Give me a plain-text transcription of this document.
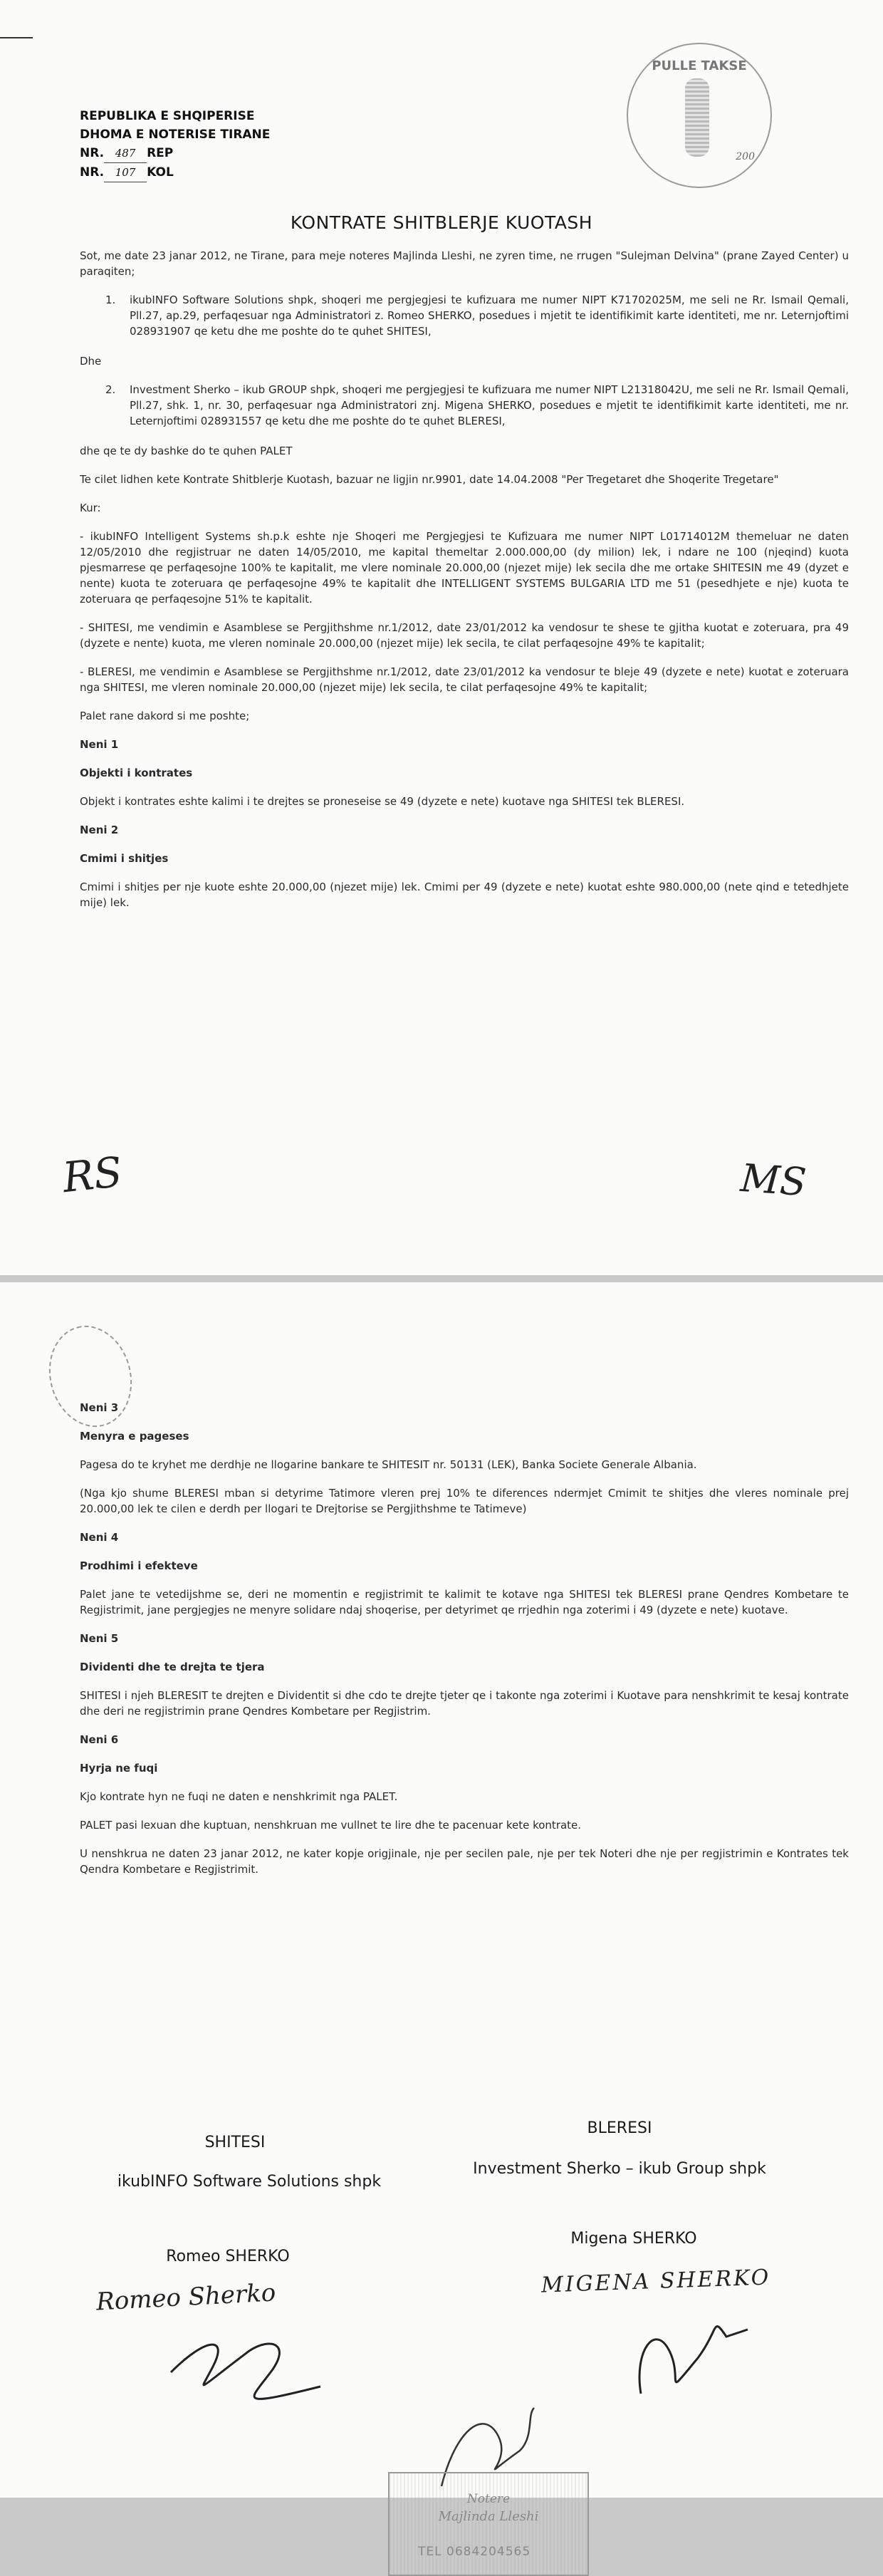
PULLE TAKSE
200
REPUBLIKA E SHQIPERISE
DHOMA E NOTERISE TIRANE
NR. 487 REP
NR. 107 KOL
KONTRATE SHITBLERJE KUOTASH

Sot, me date 23 janar 2012, ne Tirane, para meje noteres Majlinda Lleshi, ne zyren time, ne rrugen "Sulejman Delvina" (prane Zayed Center) u paraqiten;

1.	ikubINFO Software Solutions shpk, shoqeri me pergjegjesi te kufizuara me numer NIPT K71702025M, me seli ne Rr. Ismail Qemali, Pll.27, ap.29, perfaqesuar nga Administratori z. Romeo SHERKO, posedues i mjetit te identifikimit karte identiteti, me nr. Leternjoftimi 028931907 qe ketu dhe me poshte do te quhet SHITESI,

Dhe

2.	Investment Sherko – ikub GROUP shpk, shoqeri me pergjegjesi te kufizuara me numer NIPT L21318042U, me seli ne Rr. Ismail Qemali, Pll.27, shk. 1, nr. 30, perfaqesuar nga Administratori znj. Migena SHERKO, posedues e mjetit te identifikimit karte identiteti, me nr. Leternjoftimi 028931557 qe ketu dhe me poshte do te quhet BLERESI,

dhe qe te dy bashke do te quhen PALET

Te cilet lidhen kete Kontrate Shitblerje Kuotash, bazuar ne ligjin nr.9901, date 14.04.2008 "Per Tregetaret dhe Shoqerite Tregetare"

Kur:

- ikubINFO Intelligent Systems sh.p.k eshte nje Shoqeri me Pergjegjesi te Kufizuara me numer NIPT L01714012M themeluar ne daten 12/05/2010 dhe regjistruar ne daten 14/05/2010, me kapital themeltar 2.000.000,00 (dy milion) lek, i ndare ne 100 (njeqind) kuota pjesmarrese qe perfaqesojne 100% te kapitalit, me vlere nominale 20.000,00 (njezet mije) lek secila dhe me ortake SHITESIN me 49 (dyzet e nente) kuota te zoteruara qe perfaqesojne 49% te kapitalit dhe INTELLIGENT SYSTEMS BULGARIA LTD me 51 (pesedhjete e nje) kuota te zoteruara qe perfaqesojne 51% te kapitalit.

- SHITESI, me vendimin e Asamblese se Pergjithshme nr.1/2012, date 23/01/2012 ka vendosur te shese te gjitha kuotat e zoteruara, pra 49 (dyzete e nente) kuota, me vleren nominale 20.000,00 (njezet mije) lek secila, te cilat perfaqesojne 49% te kapitalit;

- BLERESI, me vendimin e Asamblese se Pergjithshme nr.1/2012, date 23/01/2012 ka vendosur te bleje 49 (dyzete e nete) kuotat e zoteruara nga SHITESI, me vleren nominale 20.000,00 (njezet mije) lek secila, te cilat perfaqesojne 49% te kapitalit;

Palet rane dakord si me poshte;

Neni 1

Objekti i kontrates

Objekt i kontrates eshte kalimi i te drejtes se proneseise se 49 (dyzete e nete) kuotave nga SHITESI tek BLERESI.

Neni 2

Cmimi i shitjes

Cmimi i shitjes per nje kuote eshte 20.000,00 (njezet mije) lek. Cmimi per 49 (dyzete e nete) kuotat eshte 980.000,00 (nete qind e tetedhjete mije) lek.

RS	MS

Neni 3

Menyra e pageses

Pagesa do te kryhet me derdhje ne llogarine bankare te SHITESIT nr. 50131 (LEK), Banka Societe Generale Albania.

(Nga kjo shume BLERESI mban si detyrime Tatimore vleren prej 10% te diferences ndermjet Cmimit te shitjes dhe vleres nominale prej 20.000,00 lek te cilen e derdh per llogari te Drejtorise se Pergjithshme te Tatimeve)

Neni 4

Prodhimi i efekteve

Palet jane te vetedijshme se, deri ne momentin e regjistrimit te kalimit te kotave nga SHITESI tek BLERESI prane Qendres Kombetare te Regjistrimit, jane pergjegjes ne menyre solidare ndaj shoqerise, per detyrimet qe rrjedhin nga zoterimi i 49 (dyzete e nete) kuotave.

Neni 5

Dividenti dhe te drejta te tjera

SHITESI i njeh BLERESIT te drejten e Dividentit si dhe cdo te drejte tjeter qe i takonte nga zoterimi i Kuotave para nenshkrimit te kesaj kontrate dhe deri ne regjistrimin prane Qendres Kombetare per Regjistrim.

Neni 6

Hyrja ne fuqi

Kjo kontrate hyn ne fuqi ne daten e nenshkrimit nga PALET.

PALET pasi lexuan dhe kuptuan, nenshkruan me vullnet te lire dhe te pacenuar kete kontrate.

U nenshkrua ne daten 23 janar 2012, ne kater kopje origjinale, nje per secilen pale, nje per tek Noteri dhe nje per regjistrimin e Kontrates tek Qendra Kombetare e Regjistrimit.

SHITESI
ikubINFO Software Solutions shpk
Romeo SHERKO
Romeo Sherko
BLERESI
Investment Sherko – ikub Group shpk
Migena SHERKO
MIGENA SHERKO
Notere
Majlinda Lleshi
TEL 0684204565
